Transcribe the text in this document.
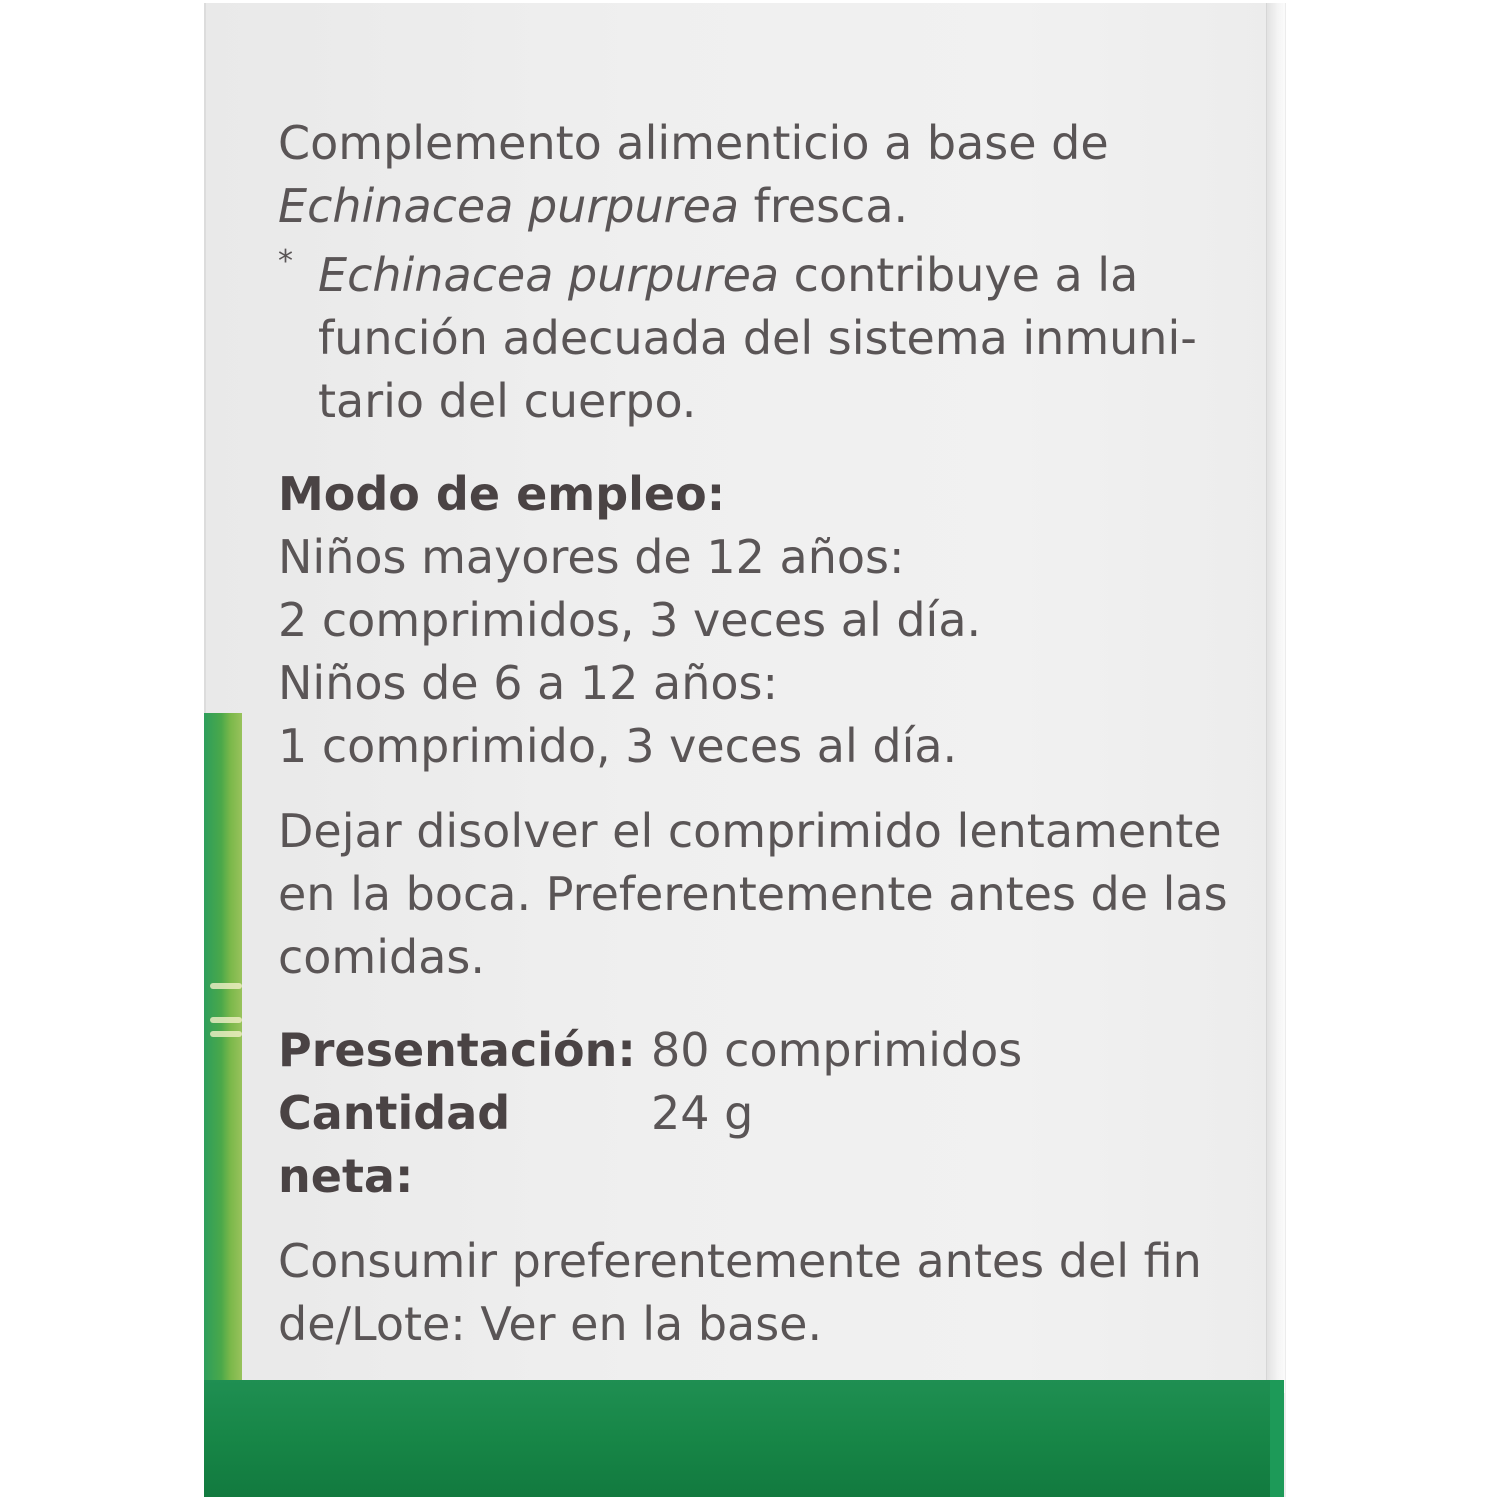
Complemento alimenticio a base de

Echinacea purpurea fresca.

* Echinacea purpurea contribuye a la

función adecuada del sistema inmuni-

tario del cuerpo.

Modo de empleo:

Niños mayores de 12 años:

2 comprimidos, 3 veces al día.

Niños de 6 a 12 años:

1 comprimido, 3 veces al día.

Dejar disolver el comprimido lentamente

en la boca. Preferentemente antes de las

comidas.

Presentación: 80 comprimidos
Cantidad neta:
24 g

Consumir preferentemente antes del fin

de/Lote: Ver en la base.
